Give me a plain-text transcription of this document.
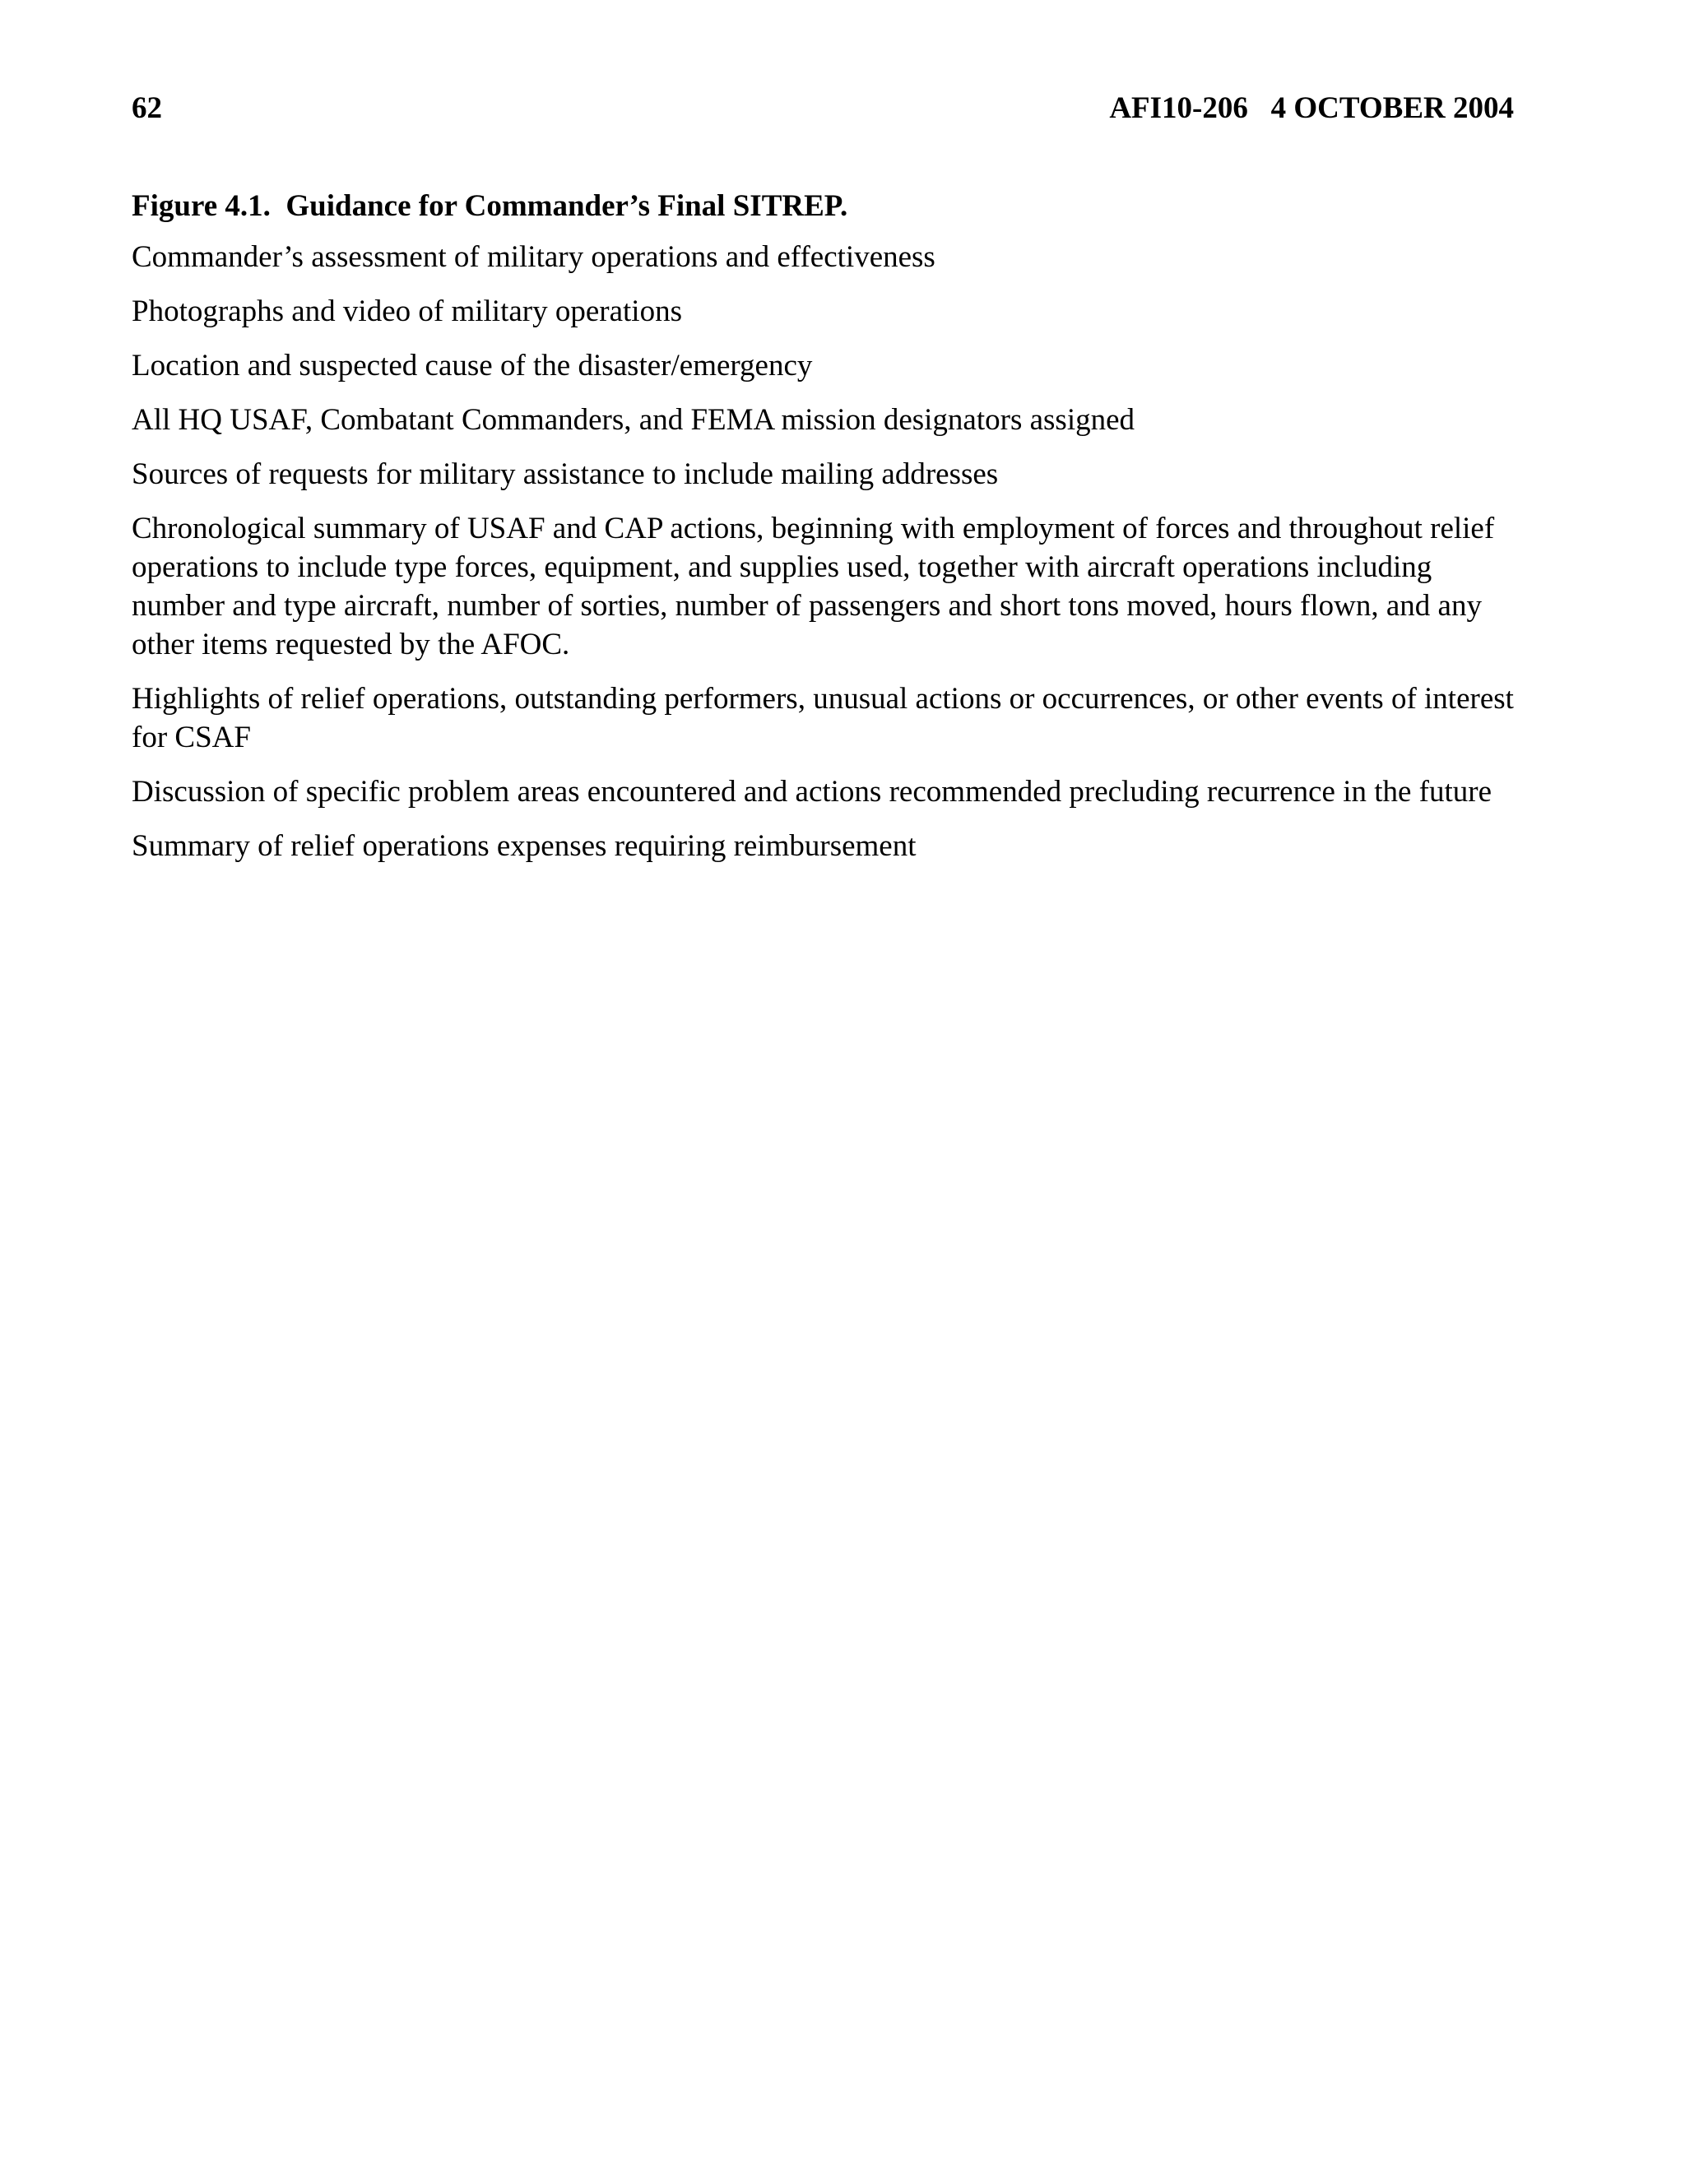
62	AFI10-206   4 OCTOBER 2004
Figure 4.1.  Guidance for Commander’s Final SITREP.
Commander’s assessment of military operations and effectiveness
Photographs and video of military operations
Location and suspected cause of the disaster/emergency
All HQ USAF, Combatant Commanders, and FEMA mission designators assigned
Sources of requests for military assistance to include mailing addresses
Chronological summary of USAF and CAP actions, beginning with employment of forces and throughout relief operations to include type forces, equipment, and supplies used, together with aircraft operations including number and type aircraft, number of sorties, number of passengers and short tons moved, hours flown, and any other items requested by the AFOC.
Highlights of relief operations, outstanding performers, unusual actions or occurrences, or other events of interest for CSAF
Discussion of specific problem areas encountered and actions recommended precluding recurrence in the future
Summary of relief operations expenses requiring reimbursement
